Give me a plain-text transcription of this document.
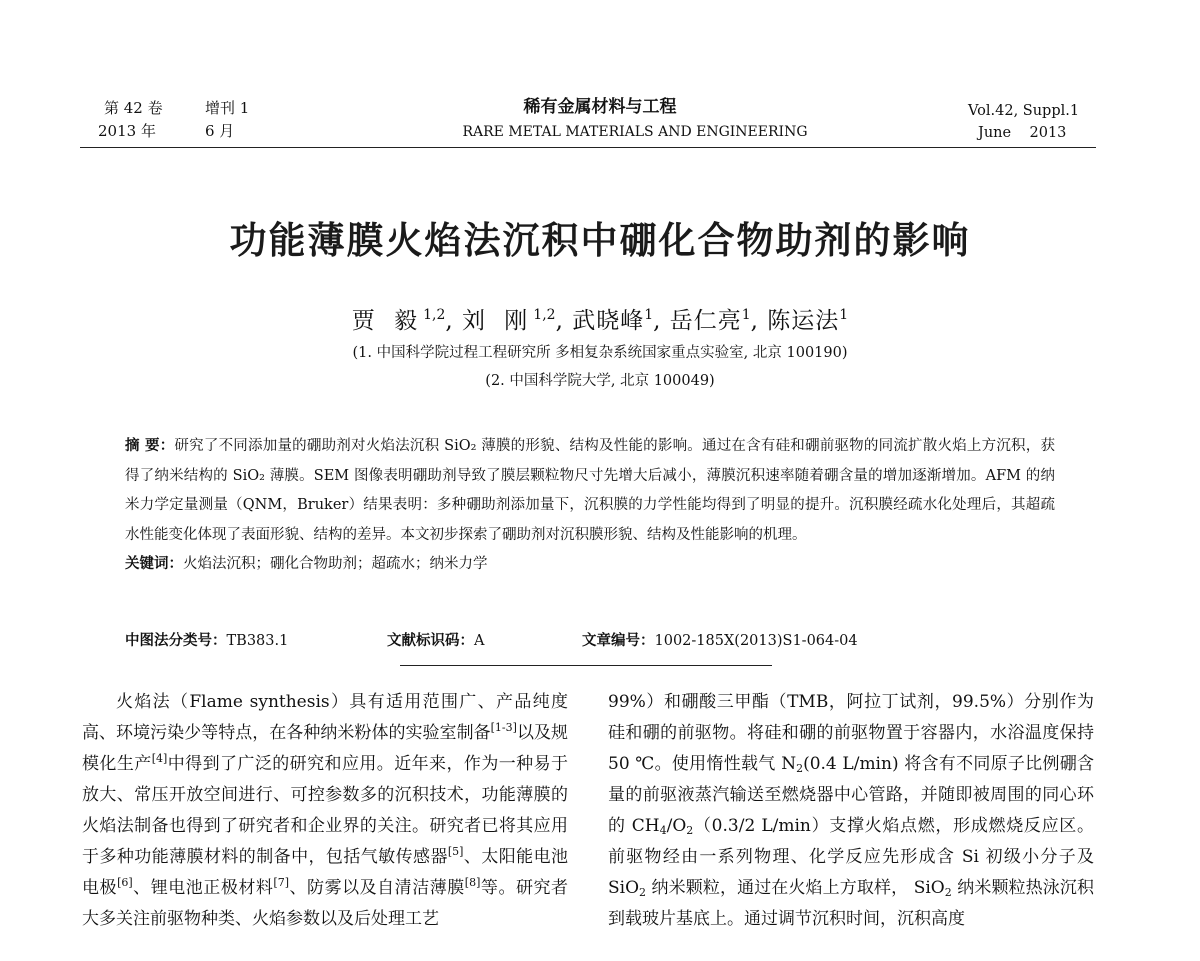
第 42 卷	增刊 1
2013 年	6 月
稀有金属材料与工程
RARE METAL MATERIALS AND ENGINEERING
Vol.42, Suppl.1
June    2013
功能薄膜火焰法沉积中硼化合物助剂的影响
贾 毅$^{1,2}$, 刘 刚$^{1,2}$, 武晓峰$^1$, 岳仁亮$^1$, 陈运法$^1$
(1. 中国科学院过程工程研究所 多相复杂系统国家重点实验室, 北京 100190)
(2. 中国科学院大学, 北京 100049)

摘 要：研究了不同添加量的硼助剂对火焰法沉积 SiO₂ 薄膜的形貌、结构及性能的影响。通过在含有硅和硼前驱物的同流扩散火焰上方沉积，获得了纳米结构的 SiO₂ 薄膜。SEM 图像表明硼助剂导致了膜层颗粒物尺寸先增大后减小，薄膜沉积速率随着硼含量的增加逐渐增加。AFM 的纳米力学定量测量（QNM，Bruker）结果表明：多种硼助剂添加量下，沉积膜的力学性能均得到了明显的提升。沉积膜经疏水化处理后，其超疏水性能变化体现了表面形貌、结构的差异。本文初步探索了硼助剂对沉积膜形貌、结构及性能影响的机理。

关键词：火焰法沉积；硼化合物助剂；超疏水；纳米力学

中图法分类号：TB383.1	文献标识码：A	文章编号：1002-185X(2013)S1-064-04

火焰法（Flame synthesis）具有适用范围广、产品纯度高、环境污染少等特点，在各种纳米粉体的实验室制备[1-3]以及规模化生产[4]中得到了广泛的研究和应用。近年来，作为一种易于放大、常压开放空间进行、可控参数多的沉积技术，功能薄膜的火焰法制备也得到了研究者和企业界的关注。研究者已将其应用于多种功能薄膜材料的制备中，包括气敏传感器[5]、太阳能电池电极[6]、锂电池正极材料[7]、防雾以及自清洁薄膜[8]等。研究者大多关注前驱物种类、火焰参数以及后处理工艺

99%）和硼酸三甲酯（TMB，阿拉丁试剂，99.5%）分别作为硅和硼的前驱物。将硅和硼的前驱物置于容器内，水浴温度保持 50 ℃。使用惰性载气 $N_2(0.4$ L/min) 将含有不同原子比例硼含量的前驱液蒸汽输送至燃烧器中心管路，并随即被周围的同心环的 $CH_4/O_2(0.3/2$ L/min）支撑火焰点燃，形成燃烧反应区。前驱物经由一系列物理、化学反应先形成含 Si 初级小分子及 SiO$_2$ 纳米颗粒，通过在火焰上方取样， SiO$_2$ 纳米颗粒热泳沉积到载玻片基底上。通过调节沉积时间，沉积高度
